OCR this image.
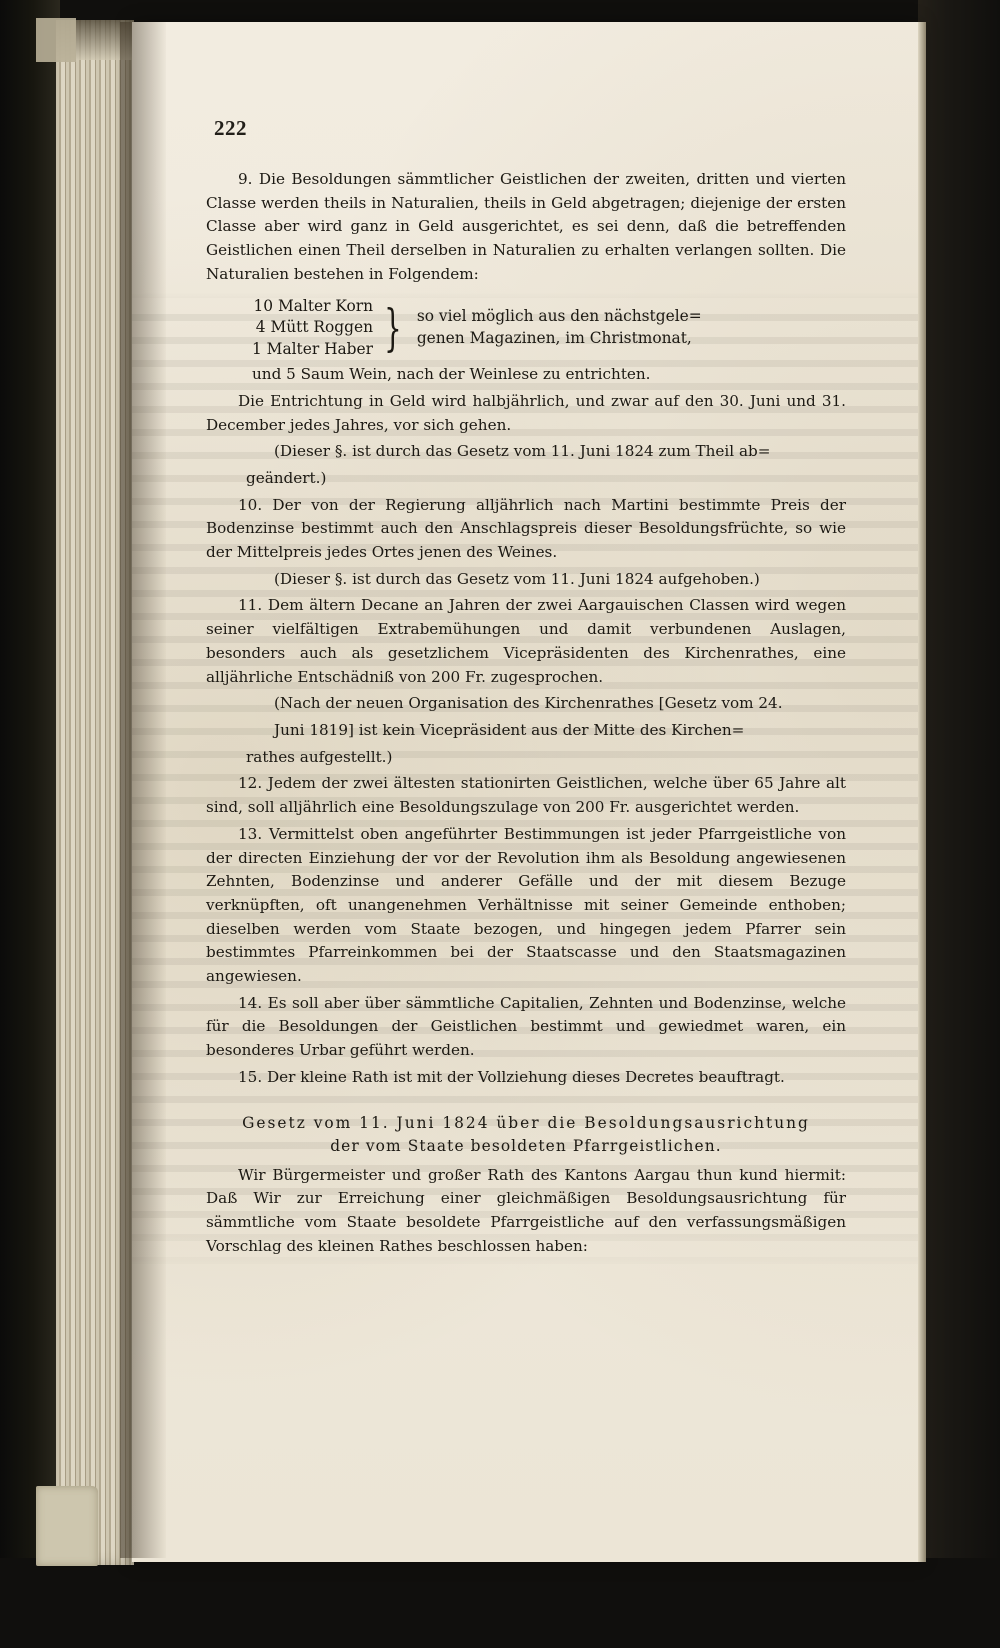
222

9. Die Besoldungen sämmtlicher Geistlichen der zweiten, dritten und vierten Classe werden theils in Naturalien, theils in Geld abgetragen; diejenige der ersten Classe aber wird ganz in Geld ausgerichtet, es sei denn, daß die betreffenden Geistlichen einen Theil derselben in Naturalien zu erhalten verlangen sollten. Die Naturalien bestehen in Folgendem:

10 Malter Korn
4 Mütt Roggen
1 Malter Haber } so viel möglich aus den nächstgele=
genen Magazinen, im Christmonat,

und 5 Saum Wein, nach der Weinlese zu entrichten.

Die Entrichtung in Geld wird halbjährlich, und zwar auf den 30. Juni und 31. December jedes Jahres, vor sich gehen.

(Dieser §. ist durch das Gesetz vom 11. Juni 1824 zum Theil ab=

geändert.)

10. Der von der Regierung alljährlich nach Martini bestimmte Preis der Bodenzinse bestimmt auch den Anschlagspreis dieser Besoldungsfrüchte, so wie der Mittelpreis jedes Ortes jenen des Weines.

(Dieser §. ist durch das Gesetz vom 11. Juni 1824 aufgehoben.)

11. Dem ältern Decane an Jahren der zwei Aargauischen Classen wird wegen seiner vielfältigen Extrabemühungen und damit verbundenen Auslagen, besonders auch als gesetzlichem Vicepräsidenten des Kirchenrathes, eine alljährliche Entschädniß von 200 Fr. zugesprochen.

(Nach der neuen Organisation des Kirchenrathes [Gesetz vom 24.

Juni 1819] ist kein Vicepräsident aus der Mitte des Kirchen=

rathes aufgestellt.)

12. Jedem der zwei ältesten stationirten Geistlichen, welche über 65 Jahre alt sind, soll alljährlich eine Besoldungszulage von 200 Fr. ausgerichtet werden.

13. Vermittelst oben angeführter Bestimmungen ist jeder Pfarrgeistliche von der directen Einziehung der vor der Revolution ihm als Besoldung angewiesenen Zehnten, Bodenzinse und anderer Gefälle und der mit diesem Bezuge verknüpften, oft unangenehmen Verhältnisse mit seiner Gemeinde enthoben; dieselben werden vom Staate bezogen, und hingegen jedem Pfarrer sein bestimmtes Pfarreinkommen bei der Staatscasse und den Staatsmagazinen angewiesen.

14. Es soll aber über sämmtliche Capitalien, Zehnten und Bodenzinse, welche für die Besoldungen der Geistlichen bestimmt und gewiedmet waren, ein besonderes Urbar geführt werden.

15. Der kleine Rath ist mit der Vollziehung dieses Decretes beauftragt.

Gesetz vom 11. Juni 1824 über die Besoldungsausrichtung
der vom Staate besoldeten Pfarrgeistlichen.

Wir Bürgermeister und großer Rath des Kantons Aargau thun kund hiermit: Daß Wir zur Erreichung einer gleichmäßigen Besoldungsausrichtung für sämmtliche vom Staate besoldete Pfarrgeistliche auf den verfassungsmäßigen Vorschlag des kleinen Rathes beschlossen haben:
